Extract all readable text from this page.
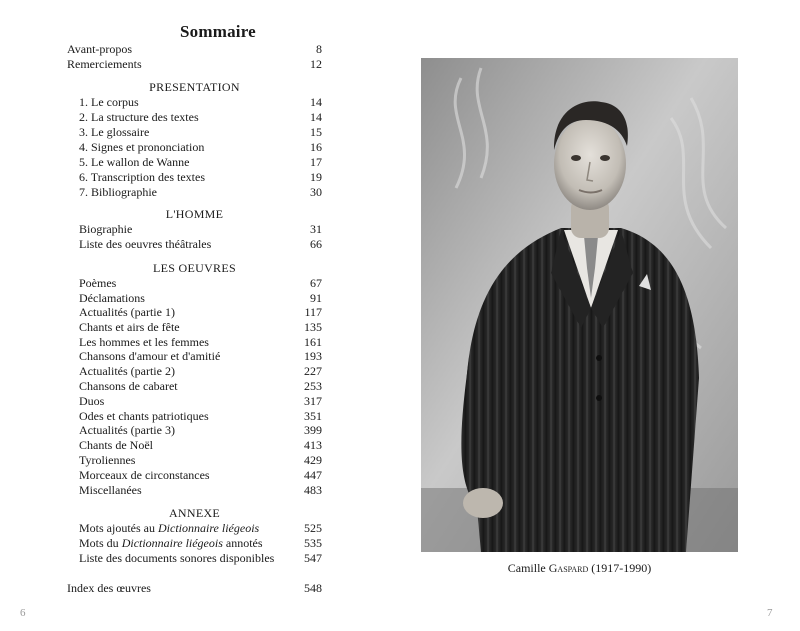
Sommaire
Avant-propos	8
Remerciements	12
PRESENTATION
1. Le corpus	14
2. La structure des textes	14
3. Le glossaire	15
4. Signes et prononciation	16
5. Le wallon de Wanne	17
6. Transcription des textes	19
7. Bibliographie	30
L'HOMME
Biographie	31
Liste des oeuvres théâtrales	66
LES OEUVRES
Poèmes	67
Déclamations	91
Actualités (partie 1)	117
Chants et airs de fête	135
Les hommes et les femmes	161
Chansons d'amour et d'amitié	193
Actualités (partie 2)	227
Chansons de cabaret	253
Duos	317
Odes et chants patriotiques	351
Actualités (partie 3)	399
Chants de Noël	413
Tyroliennes	429
Morceaux de circonstances	447
Miscellanées	483
ANNEXE
Mots ajoutés au Dictionnaire liégeois	525
Mots du Dictionnaire liégeois annotés	535
Liste des documents sonores disponibles 547
Index des œuvres	548
6
Camille Gaspard (1917-1990)
7
